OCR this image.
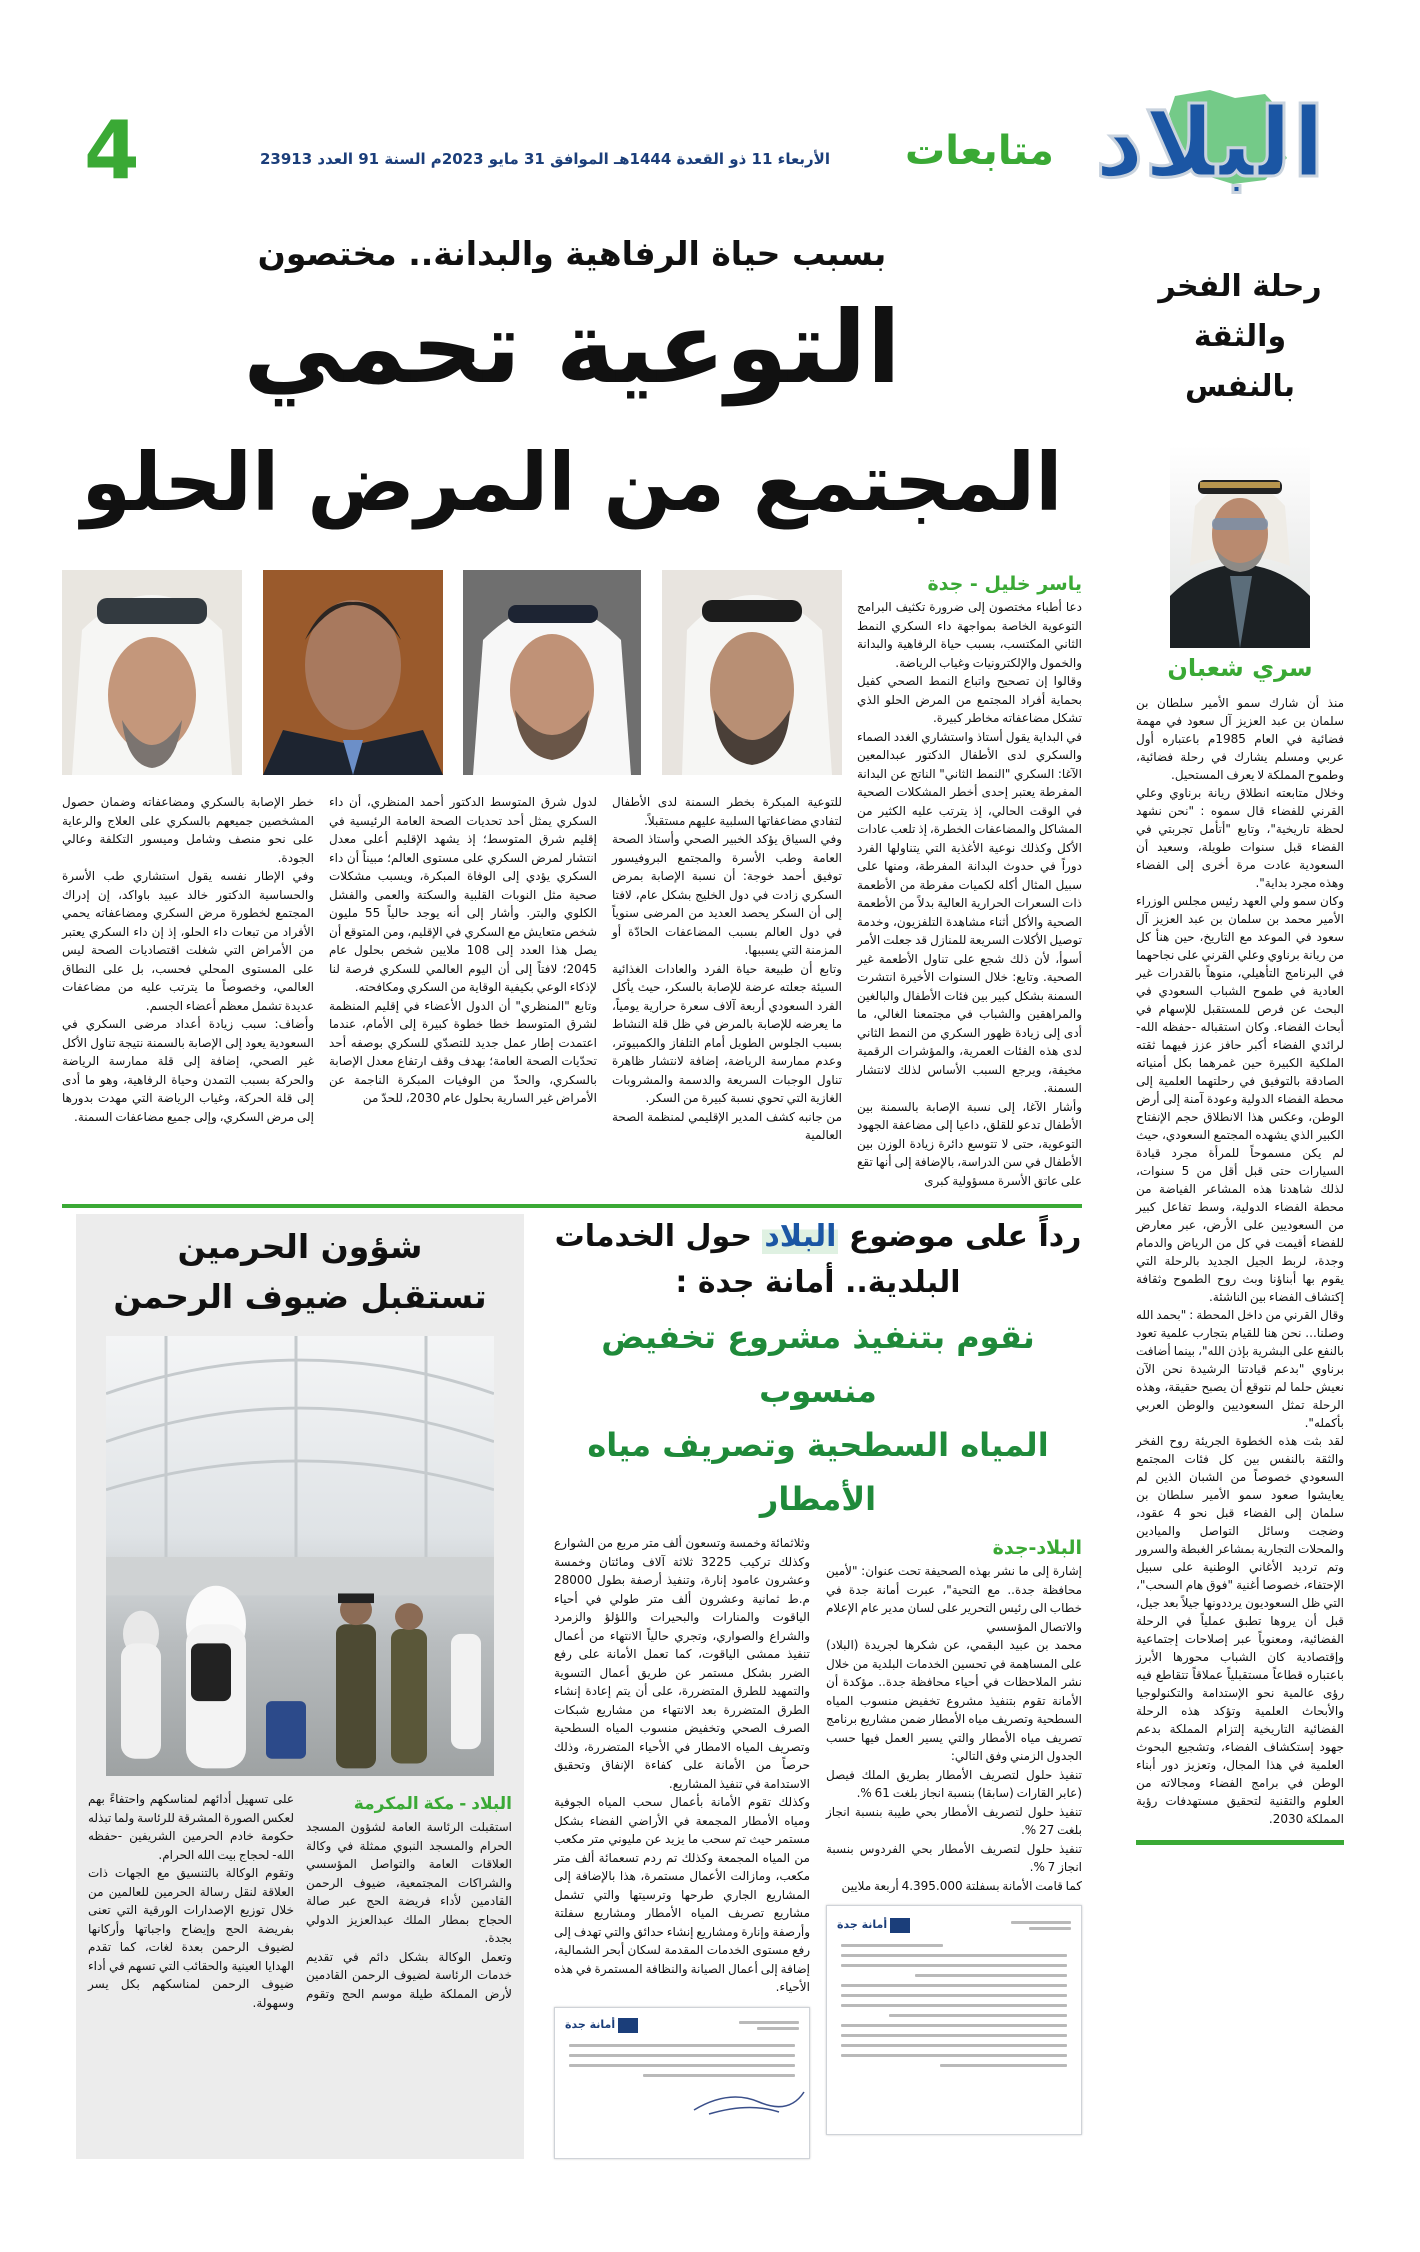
البلاد
متابعات
الأربعاء 11 ذو القعدة 1444هـ الموافق 31 مايو 2023م السنة 91 العدد 23913
4
رحلة الفخر
والثقة بالنفس
سري شعبان

منذ أن شارك سمو الأمير سلطان بن سلمان بن عبد العزيز آل سعود في مهمة فضائية في العام 1985م باعتباره أول عربي ومسلم يشارك في رحلة فضائية، وطموح المملكة لا يعرف المستحيل.

وخلال متابعته انطلاق ريانة برناوي وعلي القرني للفضاء قال سموه : "نحن نشهد لحظة تاريخية"، وتابع "أتأمل تجربتي في الفضاء قبل سنوات طويلة، وسعيد أن السعودية عادت مرة أخرى إلى الفضاء وهذه مجرد بداية".

وكان سمو ولي العهد رئيس مجلس الوزراء الأمير محمد بن سلمان بن عبد العزيز آل سعود في الموعد مع التاريخ، حين هنأ كل من ريانة برناوي وعلي القرني على نجاحهما في البرنامج التأهيلي، منوهاً بالقدرات غير العادية في طموح الشباب السعودي في البحث عن فرص للمستقبل للإسهام في أبحاث الفضاء. وكان استقباله -حفظه الله- لرائدي الفضاء أكبر حافز عزز فيهما ثقته الملكية الكبيرة حين غمرهما بكل أمنياته الصادقة بالتوفيق في رحلتهما العلمية إلى محطة الفضاء الدولية وعودة آمنة إلى أرض الوطن، وعكس هذا الانطلاق حجم الإنفتاح الكبير الذي يشهده المجتمع السعودي، حيث لم يكن مسموحاً للمرأة مجرد قيادة السيارات حتى قبل أقل من 5 سنوات، لذلك شاهدنا هذه المشاعر الفياضة من محطة الفضاء الدولية، وسط تفاعل كبير من السعوديين على الأرض، عبر معارض للفضاء أقيمت في كل من الرياض والدمام وجدة، لربط الجيل الجديد بالرحلة التي يقوم بها أبناؤنا وبث روح الطموح وثقافة إكتشاف الفضاء بين الناشئة.

وقال القرني من داخل المحطة : "بحمد الله وصلنا... نحن هنا للقيام بتجارب علمية تعود بالنفع على البشرية بإذن الله"، بينما أضافت برناوي "بدعم قيادتنا الرشيدة نحن الآن نعيش حلما لم نتوقع أن يصبح حقيقة، وهذه الرحلة تمثل السعوديين والوطن العربي بأكمله".

لقد بثت هذه الخطوة الجريئة روح الفخر والثقة بالنفس بين كل فئات المجتمع السعودي خصوصاً من الشبان الذين لم يعايشوا صعود سمو الأمير سلطان بن سلمان إلى الفضاء قبل نحو 4 عقود، وضجت وسائل التواصل والميادين والمحلات التجارية بمشاعر الغبطة والسرور وتم ترديد الأغاني الوطنية على سبيل الإحتفاء، خصوصا أغنية "فوق هام السحب"، التي ظل السعوديون يرددونها جيلاً بعد جيل، قبل أن يروها تطبق عملياً في الرحلة الفضائية، ومعنوياً عبر إصلاحات إجتماعية وإقتصادية كان الشباب محورها الأبرز باعتباره قطاعاً مستقبلياً عملاقاً تتقاطع فيه رؤى عالمية نحو الإستدامة والتكنولوجيا والأبحاث العلمية وتؤكد هذه الرحلة الفضائية التاريخية إلتزام المملكة بدعم جهود إستكشاف الفضاء، وتشجيع البحوث العلمية في هذا المجال، وتعزيز دور أبناء الوطن في برامج الفضاء ومجالاته من العلوم والتقنية لتحقيق مستهدفات رؤية المملكة 2030.

بسبب حياة الرفاهية والبدانة.. مختصون
التوعية تحمي
المجتمع من المرض الحلو
ياسر خليل - جدة

دعا أطباء مختصون إلى ضرورة تكثيف البرامج التوعوية الخاصة بمواجهة داء السكري النمط الثاني المكتسب، بسبب حياة الرفاهية والبدانة والخمول والإلكترونيات وغياب الرياضة.

وقالوا إن تصحيح واتباع النمط الصحي كفيل بحماية أفراد المجتمع من المرض الحلو الذي تشكل مضاعفاته مخاطر كبيرة.

في البداية يقول أستاذ واستشاري الغدد الصماء والسكري لدى الأطفال الدكتور عبدالمعين الآغا: السكري "النمط الثاني" الناتج عن البدانة المفرطة يعتبر إحدى أخطر المشكلات الصحية في الوقت الحالي، إذ يترتب عليه الكثير من المشاكل والمضاعفات الخطرة، إذ تلعب عادات الأكل وكذلك نوعية الأغذية التي يتناولها الفرد دوراً في حدوث البدانة المفرطة، ومنها على سبيل المثال أكله لكميات مفرطة من الأطعمة ذات السعرات الحرارية العالية بدلاً من الأطعمة الصحية والأكل أثناء مشاهدة التلفزيون، وخدمة توصيل الأكلات السريعة للمنازل قد جعلت الأمر أسوأ، لأن ذلك شجع على تناول الأطعمة غير الصحية. وتابع: خلال السنوات الأخيرة انتشرت السمنة بشكل كبير بين فئات الأطفال والبالغين والمراهقين والشباب في مجتمعنا الغالي، ما أدى إلى زيادة ظهور السكري من النمط الثاني لدى هذه الفئات العمرية، والمؤشرات الرقمية مخيفة، ويرجع السبب الأساس لذلك لانتشار السمنة.

وأشار الآغا، إلى نسبة الإصابة بالسمنة بين الأطفال تدعو للقلق، داعيا إلى مضاعفة الجهود التوعوية، حتى لا تتوسع دائرة زيادة الوزن بين الأطفال في سن الدراسة، بالإضافة إلى أنها تقع على عاتق الأسرة مسؤولية كبرى

للتوعية المبكرة بخطر السمنة لدى الأطفال لتفادي مضاعفاتها السلبية عليهم مستقبلاً.

وفي السياق يؤكد الخبير الصحي وأستاذ الصحة العامة وطب الأسرة والمجتمع البروفيسور توفيق أحمد خوجة: أن نسبة الإصابة بمرض السكري زادت في دول الخليج بشكل عام، لافتا إلى أن السكر يحصد العديد من المرضى سنوياً في دول العالم بسبب المضاعفات الحادّة أو المزمنة التي يسببها.

وتابع أن طبيعة حياة الفرد والعادات الغذائية السيئة جعلته عرضة للإصابة بالسكر، حيث يأكل الفرد السعودي أربعة آلاف سعرة حرارية يومياً، ما يعرضه للإصابة بالمرض في ظل قلة النشاط بسبب الجلوس الطويل أمام التلفاز والكمبيوتر، وعدم ممارسة الرياضة، إضافة لانتشار ظاهرة تناول الوجبات السريعة والدسمة والمشروبات الغازية التي تحوي نسبة كبيرة من السكر.

من جانبه كشف المدير الإقليمي لمنظمة الصحة العالمية

لدول شرق المتوسط الدكتور أحمد المنظري، أن داء السكري يمثل أحد تحديات الصحة العامة الرئيسية في إقليم شرق المتوسط؛ إذ يشهد الإقليم أعلى معدل انتشار لمرض السكري على مستوى العالم؛ مبيناً أن داء السكري يؤدي إلى الوفاة المبكرة، ويسبب مشكلات صحية مثل النوبات القلبية والسكتة والعمى والفشل الكلوي والبتر. وأشار إلى أنه يوجد حالياً 55 مليون شخص متعايش مع السكري في الإقليم، ومن المتوقع أن يصل هذا العدد إلى 108 ملايين شخص بحلول عام 2045؛ لافتاً إلى أن اليوم العالمي للسكري فرصة لنا لإذكاء الوعي بكيفية الوقاية من السكري ومكافحته.

وتابع "المنظري" أن الدول الأعضاء في إقليم المنظمة لشرق المتوسط خطا خطوة كبيرة إلى الأمام، عندما اعتمدت إطار عمل جديد للتصدّي للسكري بوصفه أحد تحدّيات الصحة العامة؛ بهدف وقف ارتفاع معدل الإصابة بالسكري، والحدّ من الوفيات المبكرة الناجمة عن الأمراض غير السارية بحلول عام 2030، للحدّ من

خطر الإصابة بالسكري ومضاعفاته وضمان حصول المشخصين جميعهم بالسكري على العلاج والرعاية على نحو منصف وشامل وميسور التكلفة وعالي الجودة.

وفي الإطار نفسه يقول استشاري طب الأسرة والحساسية الدكتور خالد عبيد باواكد، إن إدراك المجتمع لخطورة مرض السكري ومضاعفاته يحمي الأفراد من تبعات داء الحلو، إذ إن داء السكري يعتبر من الأمراض التي شغلت اقتصاديات الصحة ليس على المستوى المحلي فحسب، بل على النطاق العالمي، وخصوصاً ما يترتب عليه من مضاعفات عديدة تشمل معظم أعضاء الجسم.

وأضاف: سبب زيادة أعداد مرضى السكري في السعودية يعود إلى الإصابة بالسمنة نتيجة تناول الأكل غير الصحي، إضافة إلى قلة ممارسة الرياضة والحركة بسبب التمدن وحياة الرفاهية، وهو ما أدى إلى قلة الحركة، وغياب الرياضة التي مهدت بدورها إلى مرض السكري، وإلى جميع مضاعفات السمنة.

رداً على موضوع البلاد حول الخدمات
البلدية.. أمانة جدة :
نقوم بتنفيذ مشروع تخفيض منسوب
المياه السطحية وتصريف مياه الأمطار
البلاد-جدة

إشارة إلى ما نشر بهذه الصحيفة تحت عنوان: "لأمين محافظة جدة.. مع التحية"، عبرت أمانة جدة في خطاب الى رئيس التحرير على لسان مدير عام الإعلام والاتصال المؤسسي

محمد بن عبيد البقمي، عن شكرها لجريدة (البلاد) على المساهمة في تحسين الخدمات البلدية من خلال نشر الملاحظات في أحياء محافظة جدة.. مؤكدة أن الأمانة تقوم بتنفيذ مشروع تخفيض منسوب المياه السطحية وتصريف مياه الأمطار ضمن مشاريع برنامج تصريف مياه الأمطار والتي يسير العمل فيها حسب الجدول الزمني وفق التالي:

تنفيذ حلول لتصريف الأمطار بطريق الملك فيصل (عابر القارات (سابقا) بنسبة انجاز بلغت 61 %.

تنفيذ حلول لتصريف الأمطار بحي طيبة بنسبة انجاز بلغت 27 %.

تنفيذ حلول لتصريف الأمطار بحي الفردوس بنسبة انجاز 7 %.

كما قامت الأمانة بسفلتة 4.395.000 أربعة ملايين

أمانة جدة

وثلاثمائة وخمسة وتسعون ألف متر مربع من الشوارع وكذلك تركيب 3225 ثلاثة آلاف ومائتان وخمسة وعشرون عامود إنارة، وتنفيذ أرصفة بطول 28000 م.ط ثمانية وعشرون ألف متر طولي في أحياء الياقوت والمنارات والبحيرات واللؤلؤ والزمرد والشراع والصواري، وتجري حالياً الانتهاء من أعمال تنفيذ ممشى الياقوت، كما تعمل الأمانة على رفع الضرر بشكل مستمر عن طريق أعمال التسوية والتمهيد للطرق المتضررة، على أن يتم إعادة إنشاء الطرق المتضررة بعد الانتهاء من مشاريع شبكات الصرف الصحي وتخفيض منسوب المياه السطحية وتصريف المياه الامطار في الأحياء المتضررة، وذلك حرصاً من الأمانة على كفاءة الإنفاق وتحقيق الاستدامة في تنفيذ المشاريع.

وكذلك تقوم الأمانة بأعمال سحب المياه الجوفية ومياه الأمطار المجمعة في الأراضي الفضاء بشكل مستمر حيث تم سحب ما يزيد عن مليوني متر مكعب من المياه المجمعة وكذلك تم ردم تسعمائة ألف متر مكعب، ومازالت الأعمال مستمرة، هذا بالإضافة إلى المشاريع الجاري طرحها وترسيتها والتي تشمل مشاريع تصريف المياه الأمطار ومشاريع سفلتة وأرصفة وإنارة ومشاريع إنشاء حدائق والتي تهدف إلى رفع مستوى الخدمات المقدمة لسكان أبحر الشمالية، إضافة إلى أعمال الصيانة والنظافة المستمرة في هذه الأحياء.

أمانة جدة
شؤون الحرمين
تستقبل ضيوف الرحمن
البلاد - مكة المكرمة

استقبلت الرئاسة العامة لشؤون المسجد الحرام والمسجد النبوي ممثلة في وكالة العلاقات العامة والتواصل المؤسسي والشراكات المجتمعية، ضيوف الرحمن القادمين لأداء فريضة الحج عبر صالة الحجاج بمطار الملك عبدالعزيز الدولي بجدة.

وتعمل الوكالة بشكل دائم في تقديم خدمات الرئاسة لضيوف الرحمن القادمين لأرض المملكة طيلة موسم الحج وتقوم على تسهيل أدائهم لمناسكهم واحتفاءً بهم لعكس الصورة المشرقة للرئاسة ولما تبذله حكومة خادم الحرمين الشريفين -حفظه الله- لحجاج بيت الله الحرام.

وتقوم الوكالة بالتنسيق مع الجهات ذات العلاقة لنقل رسالة الحرمين للعالمين من خلال توزيع الإصدارات الورقية التي تعنى بفريضة الحج وإيضاح واجباتها وأركانها لضيوف الرحمن بعدة لغات، كما تقدم الهدايا العينية والحقائب التي تسهم في أداء ضيوف الرحمن لمناسكهم بكل يسر وسهولة.
